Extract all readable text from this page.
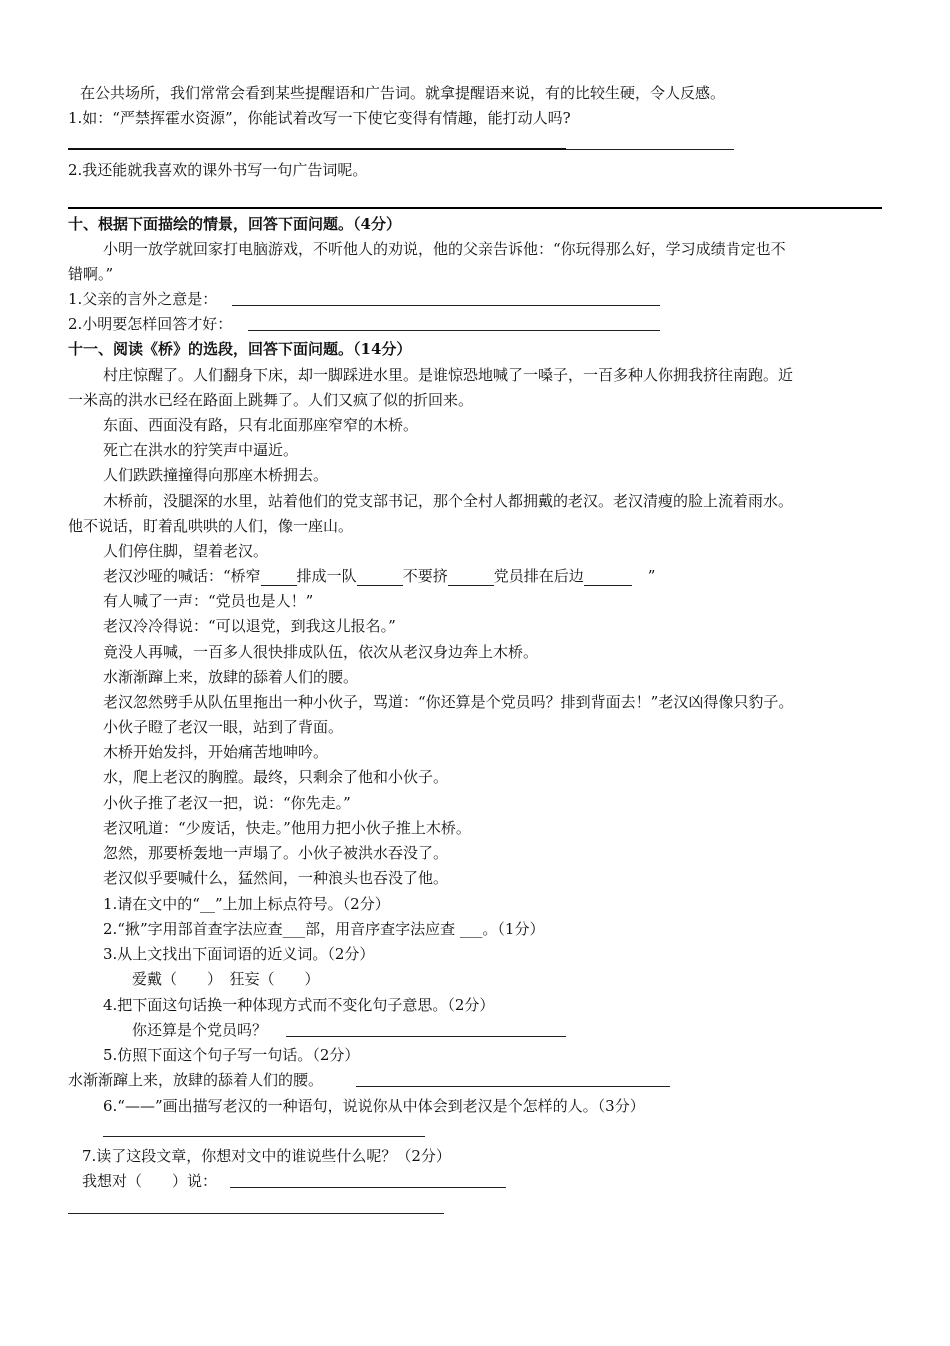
在公共场所，我们常常会看到某些提醒语和广告词。就拿提醒语来说，有的比较生硬，令人反感。
1.如：“严禁挥霍水资源”，你能试着改写一下使它变得有情趣，能打动人吗?
2.我还能就我喜欢的课外书写一句广告词呢。
十、根据下面描绘的情景，回答下面问题。（4分）
小明一放学就回家打电脑游戏，不听他人的劝说，他的父亲告诉他：“你玩得那么好，学习成绩肯定也不
错啊。”
1.父亲的言外之意是：
2.小明要怎样回答才好：
十一、阅读《桥》的选段，回答下面问题。（14分）
村庄惊醒了。人们翻身下床，却一脚踩进水里。是谁惊恐地喊了一嗓子，一百多种人你拥我挤往南跑。近
一米高的洪水已经在路面上跳舞了。人们又疯了似的折回来。
东面、西面没有路，只有北面那座窄窄的木桥。
死亡在洪水的狞笑声中逼近。
人们跌跌撞撞得向那座木桥拥去。
木桥前，没腿深的水里，站着他们的党支部书记，那个全村人都拥戴的老汉。老汉清瘦的脸上流着雨水。
他不说话，盯着乱哄哄的人们，像一座山。
人们停住脚，望着老汉。
老汉沙哑的喊话：“桥窄 排成一队	不要挤	党员排在后边	”
有人喊了一声：“党员也是人！”
老汉冷冷得说：“可以退党，到我这儿报名。”
竟没人再喊，一百多人很快排成队伍，依次从老汉身边奔上木桥。
水渐渐蹿上来，放肆的舔着人们的腰。
老汉忽然劈手从队伍里拖出一种小伙子，骂道：“你还算是个党员吗？排到背面去！”老汉凶得像只豹子。
小伙子瞪了老汉一眼，站到了背面。
木桥开始发抖，开始痛苦地呻吟。
水，爬上老汉的胸膛。最终，只剩余了他和小伙子。
小伙子推了老汉一把，说：“你先走。”
老汉吼道：“少废话，快走。”他用力把小伙子推上木桥。
忽然，那要桥轰地一声塌了。小伙子被洪水吞没了。
老汉似乎要喊什么，猛然间，一种浪头也吞没了他。
1.请在文中的“__”上加上标点符号。（2分）
2.“揪”字用部首查字法应查___部，用音序查字法应查 ___。（1分）
3.从上文找出下面词语的近义词。（2分）
爱戴（　　）　狂妄（　　）
4.把下面这句话换一种体现方式而不变化句子意思。（2分）
你还算是个党员吗？
5.仿照下面这个句子写一句话。（2分）
水渐渐蹿上来，放肆的舔着人们的腰。
6.“——”画出描写老汉的一种语句，说说你从中体会到老汉是个怎样的人。（3分）
7.读了这段文章，你想对文中的谁说些什么呢？（2分）
我想对（　　）说：
